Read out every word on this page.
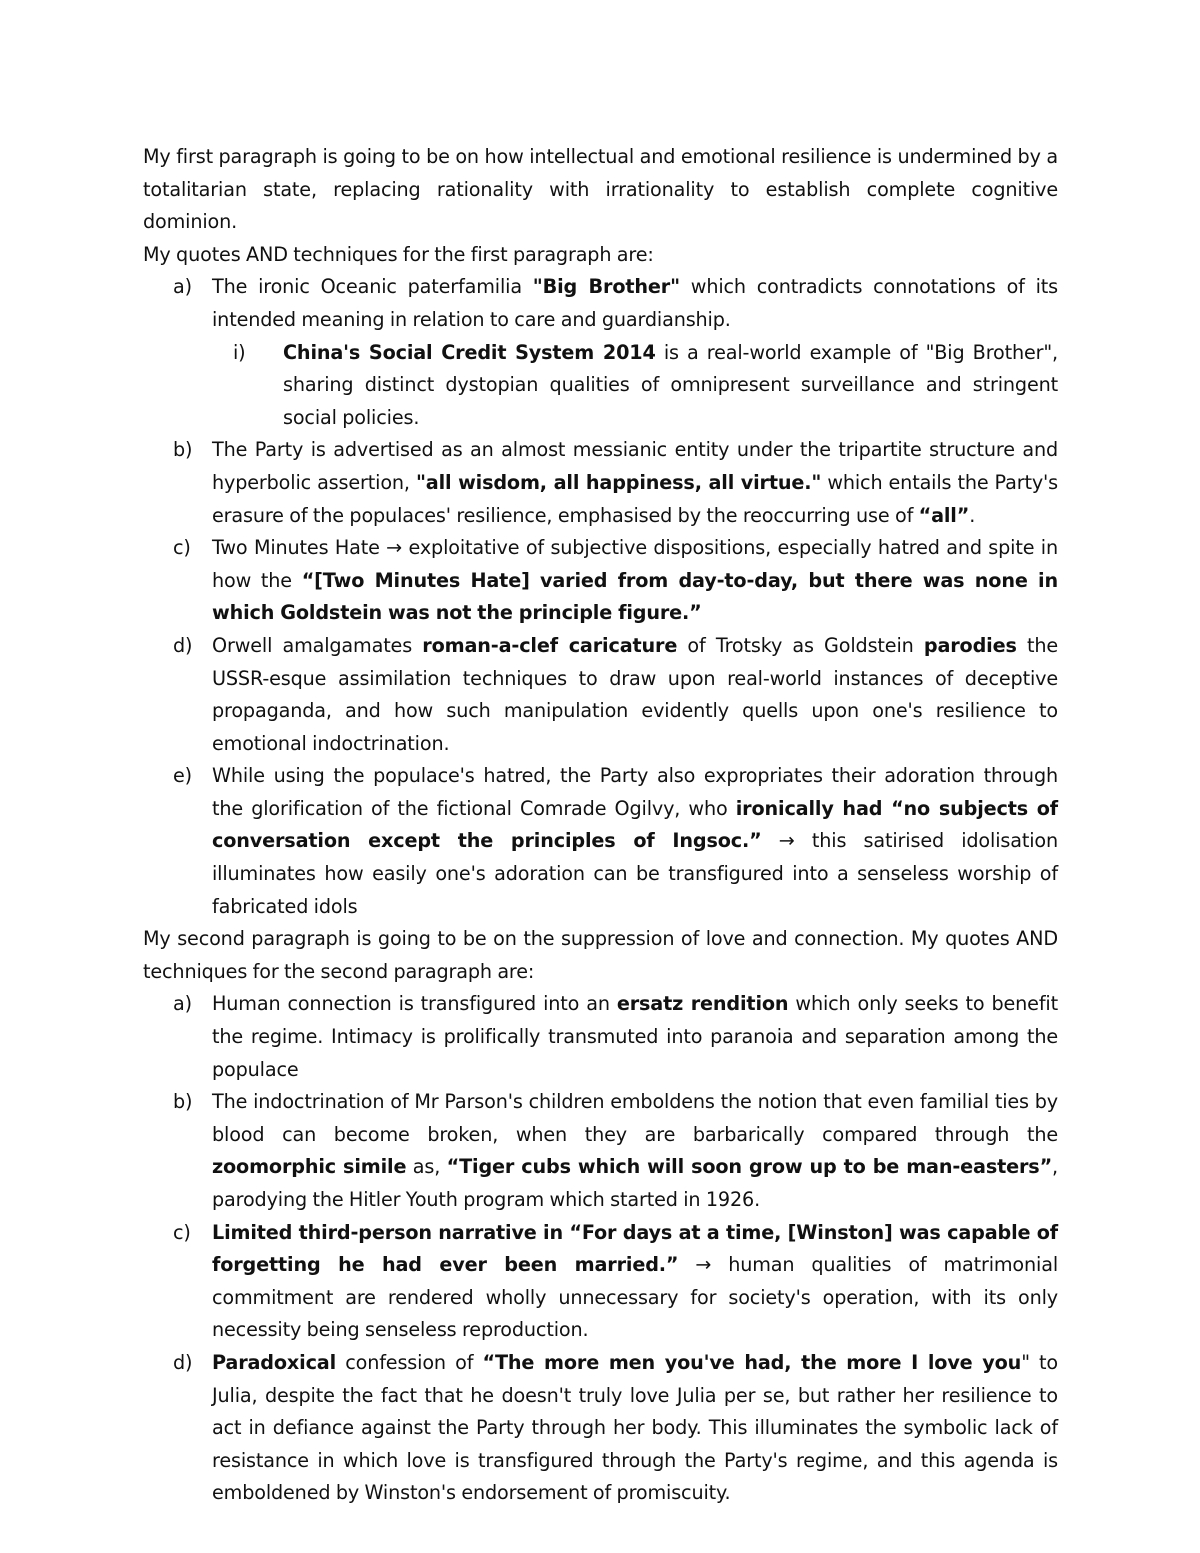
My first paragraph is going to be on how intellectual and emotional resilience is undermined by a totalitarian state, replacing rationality with irrationality to establish complete cognitive dominion.

My quotes AND techniques for the first paragraph are:

a) The ironic Oceanic paterfamilia "Big Brother" which contradicts connotations of its intended meaning in relation to care and guardianship.
i) China's Social Credit System 2014 is a real-world example of "Big Brother", sharing distinct dystopian qualities of omnipresent surveillance and stringent social policies.
b) The Party is advertised as an almost messianic entity under the tripartite structure and hyperbolic assertion, "all wisdom, all happiness, all virtue." which entails the Party's erasure of the populaces' resilience, emphasised by the reoccurring use of “all”.
c) Two Minutes Hate → exploitative of subjective dispositions, especially hatred and spite in how the “[Two Minutes Hate] varied from day-to-day, but there was none in which Goldstein was not the principle figure.”
d) Orwell amalgamates roman-a-clef caricature of Trotsky as Goldstein parodies the USSR-esque assimilation techniques to draw upon real-world instances of deceptive propaganda, and how such manipulation evidently quells upon one's resilience to emotional indoctrination.
e) While using the populace's hatred, the Party also expropriates their adoration through the glorification of the fictional Comrade Ogilvy, who ironically had “no subjects of conversation except the principles of Ingsoc.” → this satirised idolisation illuminates how easily one's adoration can be transfigured into a senseless worship of fabricated idols

My second paragraph is going to be on the suppression of love and connection. My quotes AND techniques for the second paragraph are:

a) Human connection is transfigured into an ersatz rendition which only seeks to benefit the regime. Intimacy is prolifically transmuted into paranoia and separation among the populace
b) The indoctrination of Mr Parson's children emboldens the notion that even familial ties by blood can become broken, when they are barbarically compared through the zoomorphic simile as, “Tiger cubs which will soon grow up to be man-easters”, parodying the Hitler Youth program which started in 1926.
c) Limited third-person narrative in “For days at a time, [Winston] was capable of forgetting he had ever been married.” → human qualities of matrimonial commitment are rendered wholly unnecessary for society's operation, with its only necessity being senseless reproduction.
d) Paradoxical confession of “The more men you've had, the more I love you" to Julia, despite the fact that he doesn't truly love Julia per se, but rather her resilience to act in defiance against the Party through her body. This illuminates the symbolic lack of resistance in which love is transfigured through the Party's regime, and this agenda is emboldened by Winston's endorsement of promiscuity.
